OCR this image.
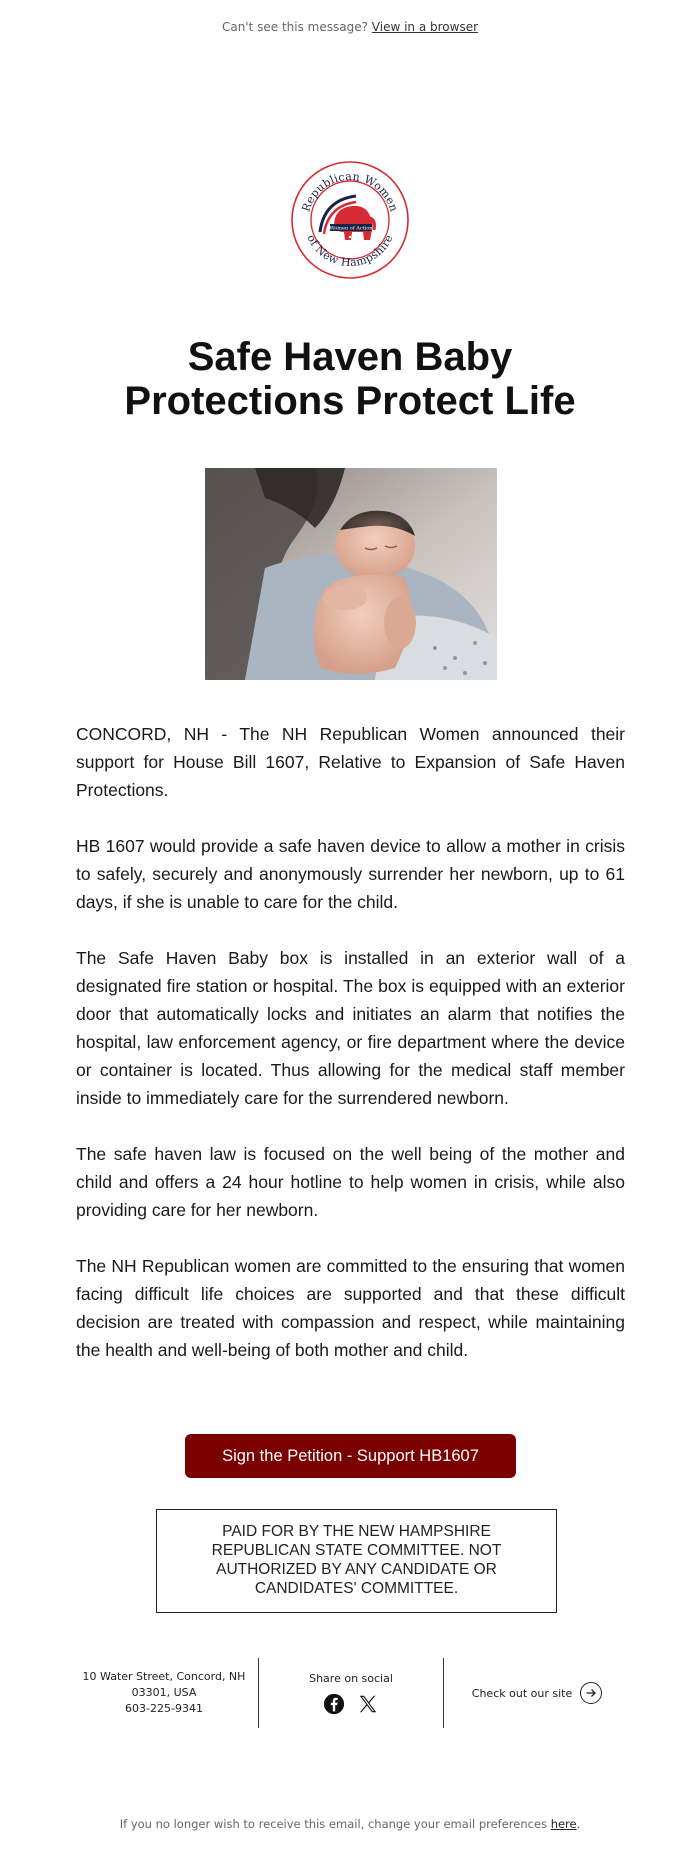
Can't see this message? View in a browser
Republican Women
of New Hampshire
Women of Action
Safe Haven Baby
Protections Protect Life

CONCORD, NH - The NH Republican Women announced their support for House Bill 1607, Relative to Expansion of Safe Haven Protections.

HB 1607 would provide a safe haven device to allow a mother in crisis to safely, securely and anonymously surrender her newborn, up to 61 days, if she is unable to care for the child.

The Safe Haven Baby box is installed in an exterior wall of a designated fire station or hospital. The box is equipped with an exterior door that automatically locks and initiates an alarm that notifies the hospital, law enforcement agency, or fire department where the device or container is located. Thus allowing for the medical staff member inside to immediately care for the surrendered newborn.

The safe haven law is focused on the well being of the mother and child and offers a 24 hour hotline to help women in crisis, while also providing care for her newborn.

The NH Republican women are committed to the ensuring that women facing difficult life choices are supported and that these difficult decision are treated with compassion and respect, while maintaining the health and well-being of both mother and child.

Sign the Petition - Support HB1607
PAID FOR BY THE NEW HAMPSHIRE REPUBLICAN STATE COMMITTEE. NOT AUTHORIZED BY ANY CANDIDATE OR CANDIDATES' COMMITTEE.
10 Water Street, Concord, NH
03301, USA
603-225-9341
Share on social
Check out our site
If you no longer wish to receive this email, change your email preferences here.
